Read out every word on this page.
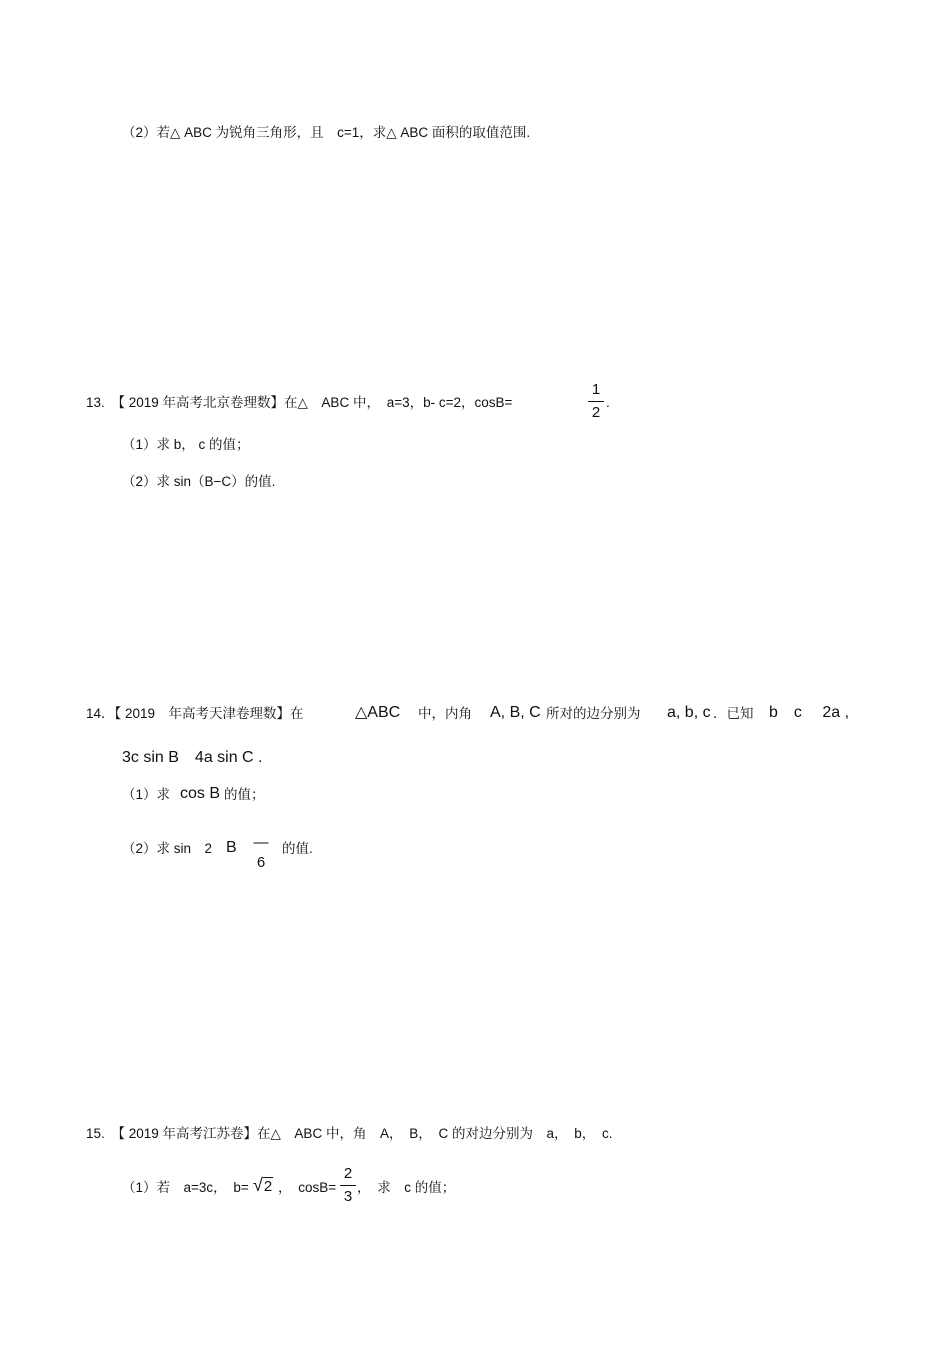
（2）若△ ABC 为锐角三角形，且　c=1，求△ ABC 面积的取值范围.
13.　【 2019 年高考北京卷理数】在△　ABC 中，　a=3，b- c=2，cosB=
1
2
.
（1）求 b， c 的值；
（2）求 sin（B−C）的值.
14．【 2019　年高考天津卷理数】在	△ABC 中，内角 A, B, C 所对的边分别为 a, b, c ．已知 b　c　 2a ,
3c sin B　4a sin C .
（1）求 cos B 的值；
（2）求 sin　2 B —
6
的值.
15.　【 2019 年高考江苏卷】在△　ABC 中，角　A，　B，　C 的对边分别为　a，　b，　c.
（1）若　a=3c，　b= √2 ，　cosB=
2
3
，　求　c 的值；
